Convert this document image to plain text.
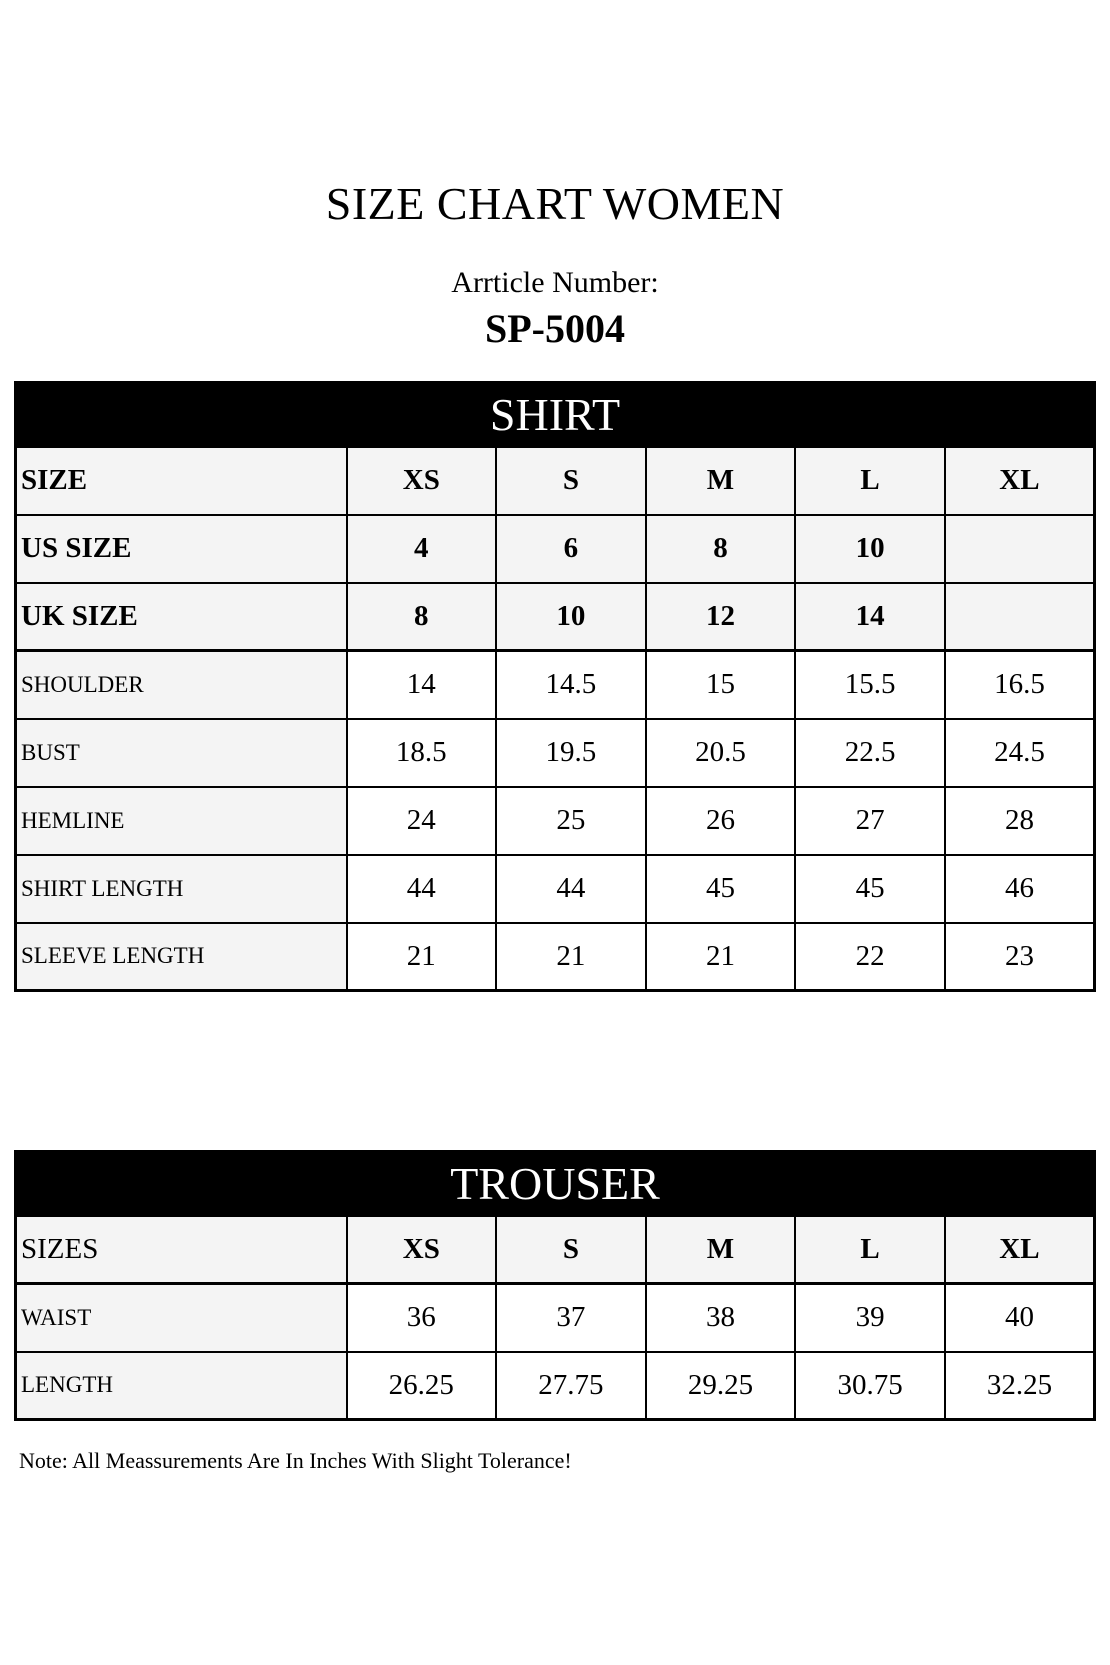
SIZE CHART WOMEN
Arrticle Number:
SP-5004
SHIRT					
SIZE	XS	S	M	L	XL
US SIZE	4	6	8	10	
UK SIZE	8	10	12	14	
SHOULDER	14	14.5	15	15.5	16.5
BUST	18.5	19.5	20.5	22.5	24.5
HEMLINE	24	25	26	27	28
SHIRT LENGTH	44	44	45	45	46
SLEEVE LENGTH	21	21	21	22	23
TROUSER					
SIZES	XS	S	M	L	XL
WAIST	36	37	38	39	40
LENGTH	26.25	27.75	29.25	30.75	32.25
Note: All Meassurements Are In Inches With Slight Tolerance!
